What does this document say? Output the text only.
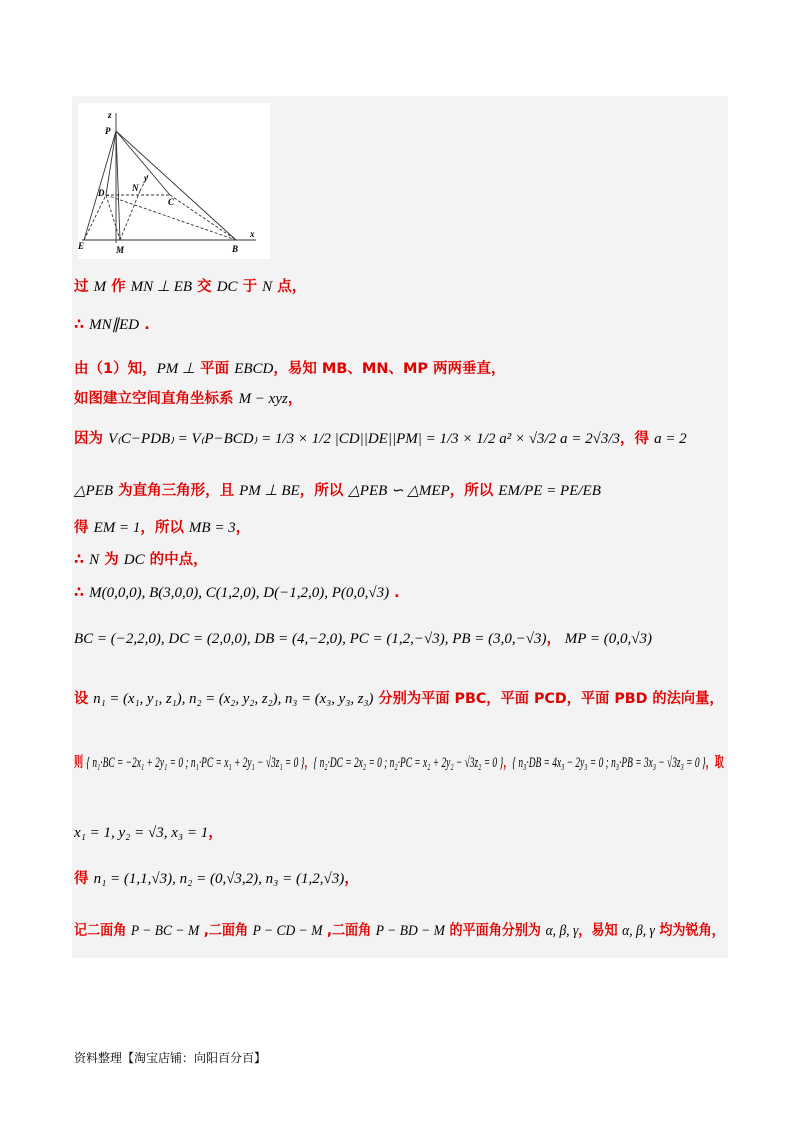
z
P
y
N
D
C
E	M	B
x
过 M 作 MN ⊥ EB 交 DC 于 N 点，
∴ MN∥ED .
由（1）知，PM ⊥ 平面 EBCD，易知 MB、MN、MP 两两垂直，
如图建立空间直角坐标系 M − xyz，
因为 V₍C−PDB₎ = V₍P−BCD₎ = 1/3 × 1/2 |CD||DE||PM| = 1/3 × 1/2 a² × √3/2 a = 2√3/3，得 a = 2
△PEB 为直角三角形，且 PM ⊥ BE，所以 △PEB ∽ △MEP，所以 EM/PE = PE/EB
得 EM = 1，所以 MB = 3，
∴ N 为 DC 的中点，
∴ M(0,0,0), B(3,0,0), C(1,2,0), D(−1,2,0), P(0,0,√3) .
BC = (−2,2,0), DC = (2,0,0), DB = (4,−2,0), PC = (1,2,−√3), PB = (3,0,−√3)， MP = (0,0,√3)
设 n₁ = (x₁, y₁, z₁), n₂ = (x₂, y₂, z₂), n₃ = (x₃, y₃, z₃) 分别为平面 PBC，平面 PCD，平面 PBD 的法向量，
则 { n₁·BC = −2x₁ + 2y₁ = 0 ; n₁·PC = x₁ + 2y₁ − √3z₁ = 0 }，{ n₂·DC = 2x₂ = 0 ; n₂·PC = x₂ + 2y₂ − √3z₂ = 0 }，{ n₃·DB = 4x₃ − 2y₃ = 0 ; n₃·PB = 3x₃ − √3z₃ = 0 }，取
x₁ = 1, y₂ = √3, x₃ = 1，
得 n₁ = (1,1,√3), n₂ = (0,√3,2), n₃ = (1,2,√3)，
记二面角 P − BC − M ,二面角 P − CD − M ,二面角 P − BD − M 的平面角分别为 α, β, γ，易知 α, β, γ 均为锐角，
资料整理【淘宝店铺：向阳百分百】
